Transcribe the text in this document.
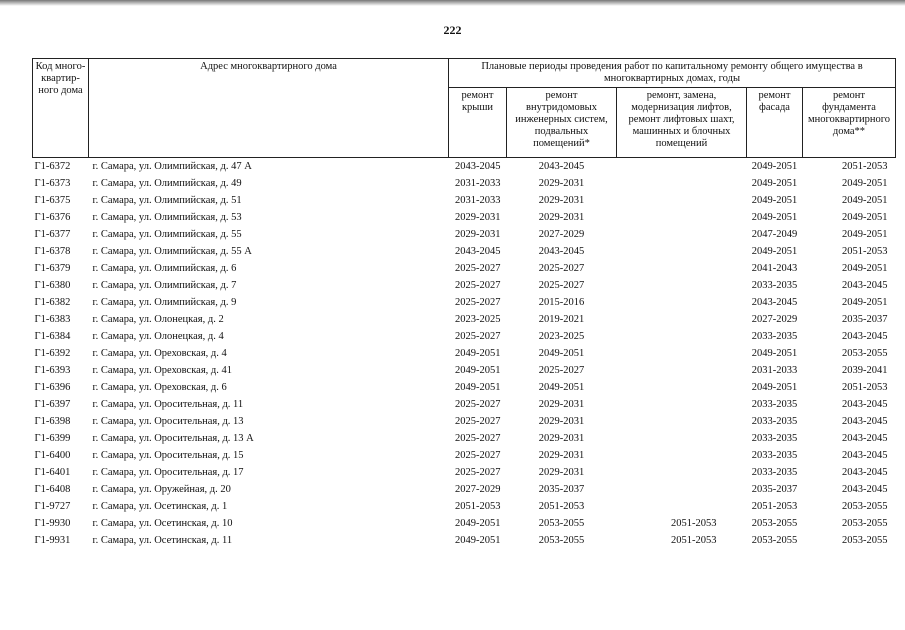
222
Код много-квартир-ного дома	Адрес многоквартирного дома	Плановые периоды проведения работ по капитальному ремонту общего имущества в многоквартирных домах, годы				
		ремонт крыши	ремонт внутридомовых инженерных систем, подвальных помещений*	ремонт, замена, модернизация лифтов, ремонт лифтовых шахт, машинных и блочных помещений	ремонт фасада	ремонт фундамента многоквартирного дома**
Г1-6372	г. Самара, ул. Олимпийская, д. 47 А	2043-2045	2043-2045		2049-2051	2051-2053
Г1-6373	г. Самара, ул. Олимпийская, д. 49	2031-2033	2029-2031		2049-2051	2049-2051
Г1-6375	г. Самара, ул. Олимпийская, д. 51	2031-2033	2029-2031		2049-2051	2049-2051
Г1-6376	г. Самара, ул. Олимпийская, д. 53	2029-2031	2029-2031		2049-2051	2049-2051
Г1-6377	г. Самара, ул. Олимпийская, д. 55	2029-2031	2027-2029		2047-2049	2049-2051
Г1-6378	г. Самара, ул. Олимпийская, д. 55 А	2043-2045	2043-2045		2049-2051	2051-2053
Г1-6379	г. Самара, ул. Олимпийская, д. 6	2025-2027	2025-2027		2041-2043	2049-2051
Г1-6380	г. Самара, ул. Олимпийская, д. 7	2025-2027	2025-2027		2033-2035	2043-2045
Г1-6382	г. Самара, ул. Олимпийская, д. 9	2025-2027	2015-2016		2043-2045	2049-2051
Г1-6383	г. Самара, ул. Олонецкая, д. 2	2023-2025	2019-2021		2027-2029	2035-2037
Г1-6384	г. Самара, ул. Олонецкая, д. 4	2025-2027	2023-2025		2033-2035	2043-2045
Г1-6392	г. Самара, ул. Ореховская, д. 4	2049-2051	2049-2051		2049-2051	2053-2055
Г1-6393	г. Самара, ул. Ореховская, д. 41	2049-2051	2025-2027		2031-2033	2039-2041
Г1-6396	г. Самара, ул. Ореховская, д. 6	2049-2051	2049-2051		2049-2051	2051-2053
Г1-6397	г. Самара, ул. Оросительная, д. 11	2025-2027	2029-2031		2033-2035	2043-2045
Г1-6398	г. Самара, ул. Оросительная, д. 13	2025-2027	2029-2031		2033-2035	2043-2045
Г1-6399	г. Самара, ул. Оросительная, д. 13 А	2025-2027	2029-2031		2033-2035	2043-2045
Г1-6400	г. Самара, ул. Оросительная, д. 15	2025-2027	2029-2031		2033-2035	2043-2045
Г1-6401	г. Самара, ул. Оросительная, д. 17	2025-2027	2029-2031		2033-2035	2043-2045
Г1-6408	г. Самара, ул. Оружейная, д. 20	2027-2029	2035-2037		2035-2037	2043-2045
Г1-9727	г. Самара, ул. Осетинская, д. 1	2051-2053	2051-2053		2051-2053	2053-2055
Г1-9930	г. Самара, ул. Осетинская, д. 10	2049-2051	2053-2055	2051-2053	2053-2055	2053-2055
Г1-9931	г. Самара, ул. Осетинская, д. 11	2049-2051	2053-2055	2051-2053	2053-2055	2053-2055
